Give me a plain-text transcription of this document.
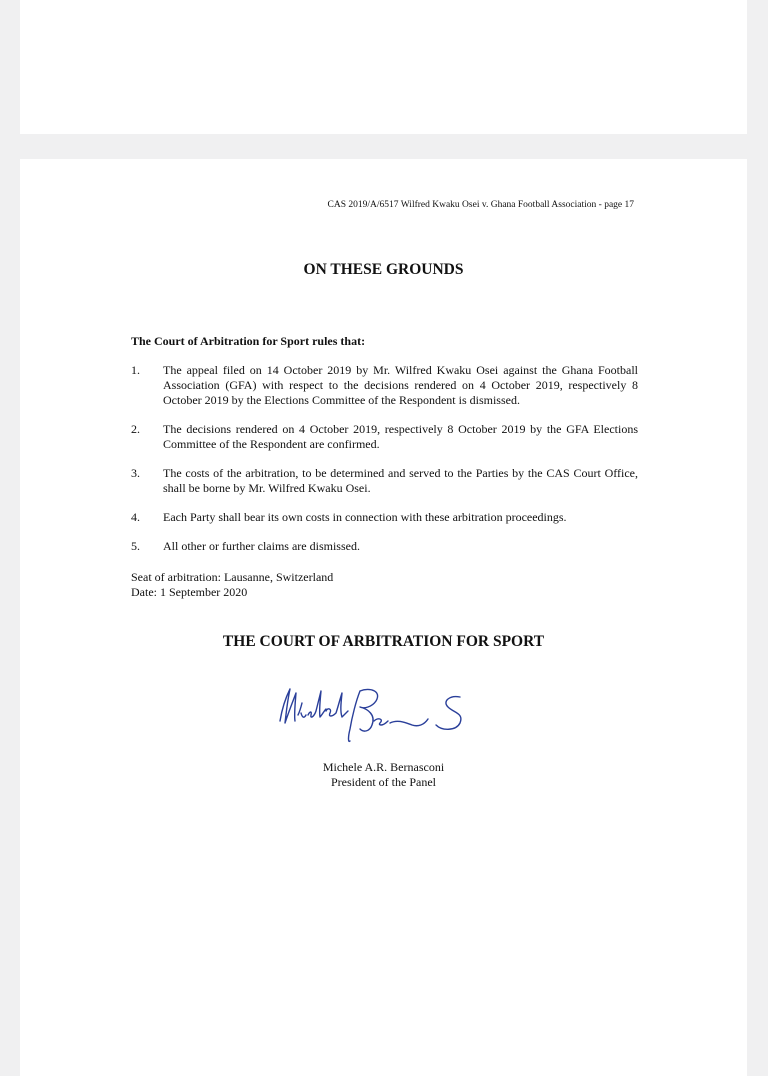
CAS 2019/A/6517 Wilfred Kwaku Osei v. Ghana Football Association - page 17
ON THESE GROUNDS
The Court of Arbitration for Sport rules that:
1.	The appeal filed on 14 October 2019 by Mr. Wilfred Kwaku Osei against the Ghana Football Association (GFA) with respect to the decisions rendered on 4 October 2019, respectively 8 October 2019 by the Elections Committee of the Respondent is dismissed.
2.	The decisions rendered on 4 October 2019, respectively 8 October 2019 by the GFA Elections Committee of the Respondent are confirmed.
3.	The costs of the arbitration, to be determined and served to the Parties by the CAS Court Office, shall be borne by Mr. Wilfred Kwaku Osei.
4.	Each Party shall bear its own costs in connection with these arbitration proceedings.
5.	All other or further claims are dismissed.
Seat of arbitration: Lausanne, Switzerland
Date: 1 September 2020
THE COURT OF ARBITRATION FOR SPORT
Michele A.R. Bernasconi
President of the Panel
